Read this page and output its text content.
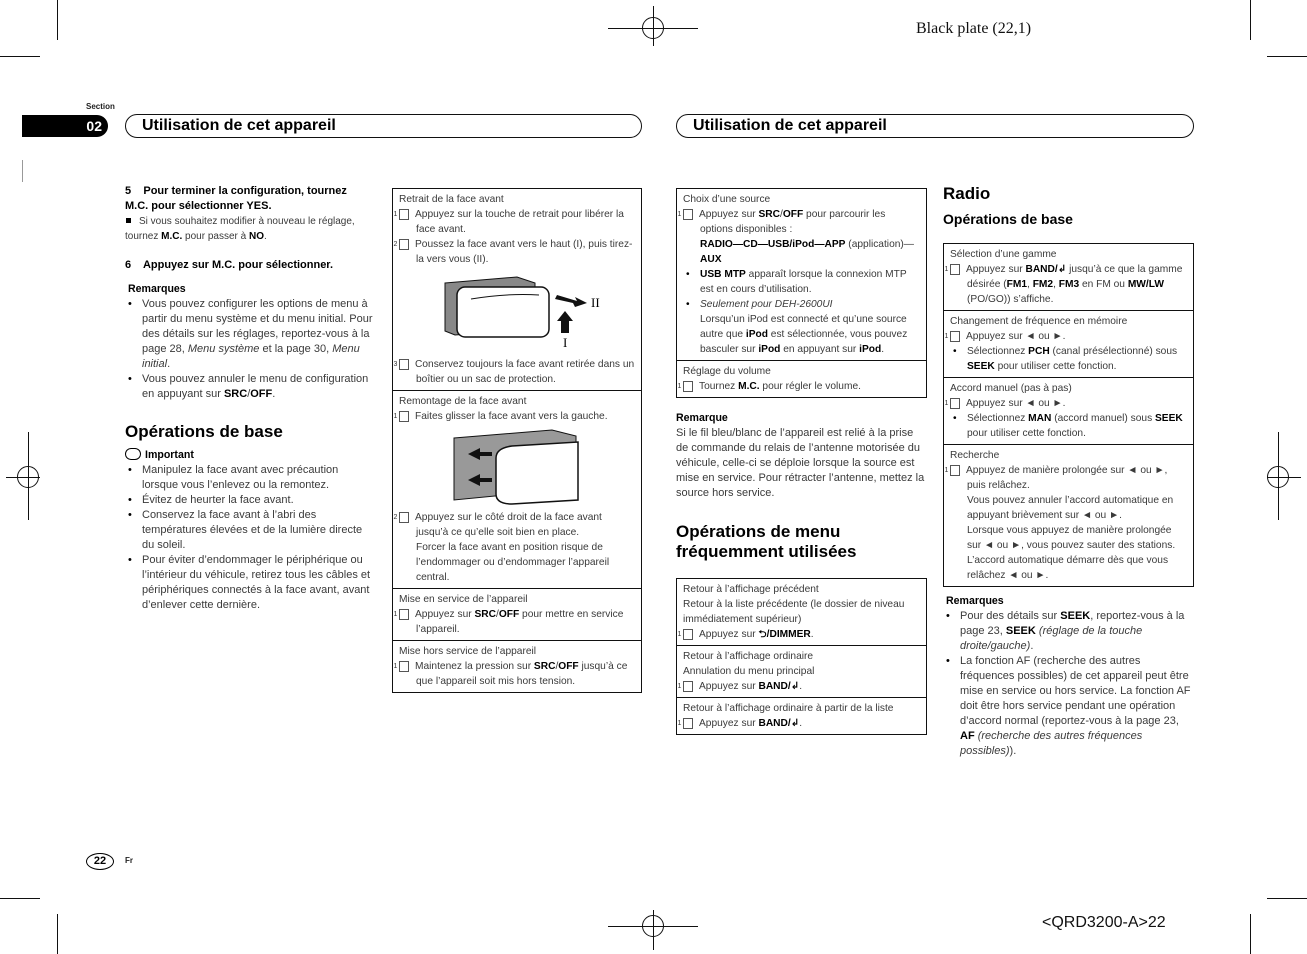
Black plate (22,1)
Section
02	Utilisation de cet appareil	Utilisation de cet appareil
5 Pour terminer la configuration, tournez M.C. pour sélectionner YES.
Si vous souhaitez modifier à nouveau le réglage, tournez M.C. pour passer à NO.
6 Appuyez sur M.C. pour sélectionner.
Remarques
• Vous pouvez configurer les options de menu à partir du menu système et du menu initial. Pour des détails sur les réglages, reportez-vous à la page 28, Menu système et la page 30, Menu initial.
• Vous pouvez annuler le menu de configuration en appuyant sur SRC/OFF.
Opérations de base
Important
• Manipulez la face avant avec précaution lorsque vous l’enlevez ou la remontez.
• Évitez de heurter la face avant.
• Conservez la face avant à l’abri des températures élevées et de la lumière directe du soleil.
• Pour éviter d’endommager le périphérique ou l’intérieur du véhicule, retirez tous les câbles et périphériques connectés à la face avant, avant d’enlever cette dernière.
Retrait de la face avant
1 Appuyez sur la touche de retrait pour libérer la face avant.
2 Poussez la face avant vers le haut (I), puis tirez-la vers vous (II).
II
I
3 Conservez toujours la face avant retirée dans un boîtier ou un sac de protection.
Remontage de la face avant
1 Faites glisser la face avant vers la gauche.
2 Appuyez sur le côté droit de la face avant jusqu’à ce qu’elle soit bien en place.
Forcer la face avant en position risque de l’endommager ou d’endommager l’appareil central.
Mise en service de l’appareil
1 Appuyez sur SRC/OFF pour mettre en service l’appareil.
Mise hors service de l’appareil
1 Maintenez la pression sur SRC/OFF jusqu’à ce que l’appareil soit mis hors tension.
Choix d’une source
1 Appuyez sur SRC/OFF pour parcourir les options disponibles :
RADIO—CD—USB/iPod—APP (application)—AUX
• USB MTP apparaît lorsque la connexion MTP est en cours d’utilisation.
• Seulement pour DEH-2600UI
Lorsqu’un iPod est connecté et qu’une source autre que iPod est sélectionnée, vous pouvez basculer sur iPod en appuyant sur iPod.
Réglage du volume
1 Tournez M.C. pour régler le volume.
Remarque
Si le fil bleu/blanc de l’appareil est relié à la prise de commande du relais de l’antenne motorisée du véhicule, celle-ci se déploie lorsque la source est mise en service. Pour rétracter l’antenne, mettez la source hors service.
Opérations de menu fréquemment utilisées
Retour à l’affichage précédent
Retour à la liste précédente (le dossier de niveau immédiatement supérieur)
1 Appuyez sur ⮌/DIMMER.
Retour à l’affichage ordinaire
Annulation du menu principal
1 Appuyez sur BAND/↲.
Retour à l’affichage ordinaire à partir de la liste
1 Appuyez sur BAND/↲.
Radio
Opérations de base
Sélection d’une gamme
1 Appuyez sur BAND/↲ jusqu’à ce que la gamme désirée (FM1, FM2, FM3 en FM ou MW/LW (PO/GO)) s’affiche.
Changement de fréquence en mémoire
1 Appuyez sur ◄ ou ►.
• Sélectionnez PCH (canal présélectionné) sous SEEK pour utiliser cette fonction.
Accord manuel (pas à pas)
1 Appuyez sur ◄ ou ►.
• Sélectionnez MAN (accord manuel) sous SEEK pour utiliser cette fonction.
Recherche
1 Appuyez de manière prolongée sur ◄ ou ►, puis relâchez.
Vous pouvez annuler l’accord automatique en appuyant brièvement sur ◄ ou ►.
Lorsque vous appuyez de manière prolongée sur ◄ ou ►, vous pouvez sauter des stations. L’accord automatique démarre dès que vous relâchez ◄ ou ►.
Remarques
• Pour des détails sur SEEK, reportez-vous à la page 23, SEEK (réglage de la touche droite/gauche).
• La fonction AF (recherche des autres fréquences possibles) de cet appareil peut être mise en service ou hors service. La fonction AF doit être hors service pendant une opération d’accord normal (reportez-vous à la page 23, AF (recherche des autres fréquences possibles)).
22	Fr
<QRD3200-A>22
